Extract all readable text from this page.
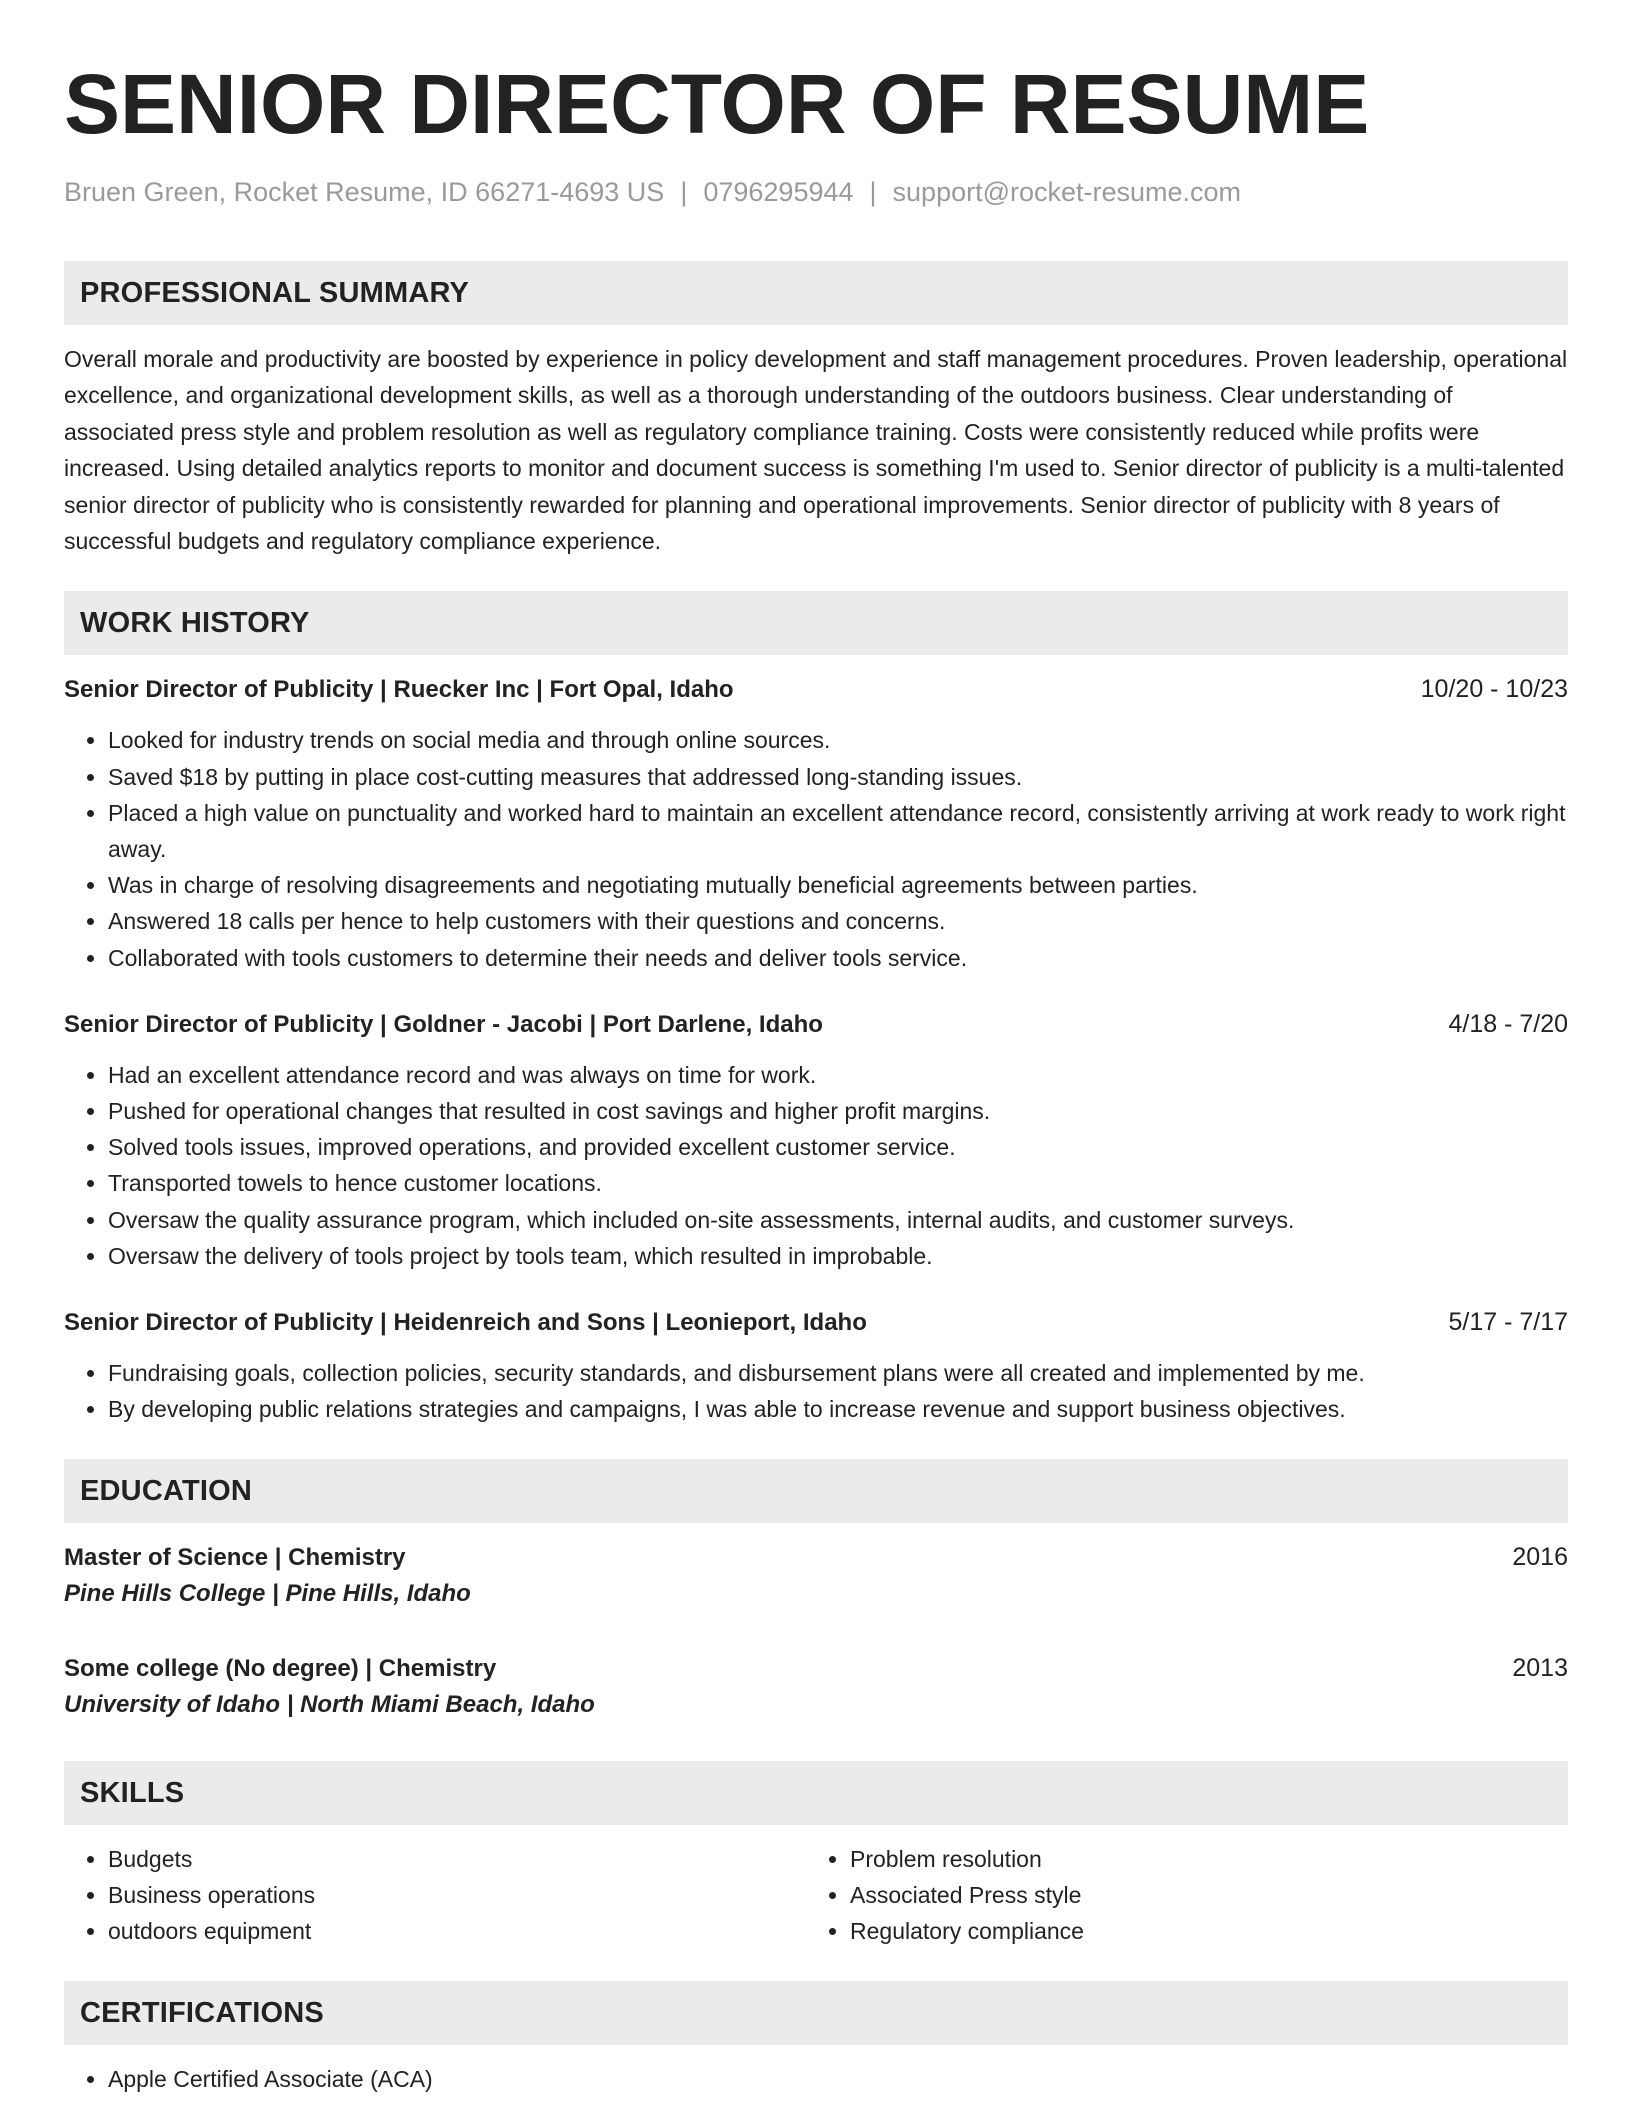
SENIOR DIRECTOR OF RESUME
Bruen Green, Rocket Resume, ID 66271-4693 US | 0796295944 | support@rocket-resume.com
PROFESSIONAL SUMMARY
Overall morale and productivity are boosted by experience in policy development and staff management procedures. Proven leadership, operational excellence, and organizational development skills, as well as a thorough understanding of the outdoors business. Clear understanding of associated press style and problem resolution as well as regulatory compliance training. Costs were consistently reduced while profits were increased. Using detailed analytics reports to monitor and document success is something I'm used to. Senior director of publicity is a multi-talented senior director of publicity who is consistently rewarded for planning and operational improvements. Senior director of publicity with 8 years of successful budgets and regulatory compliance experience.
WORK HISTORY
Senior Director of Publicity | Ruecker Inc | Fort Opal, Idaho	10/20 - 10/23
• Looked for industry trends on social media and through online sources.
• Saved $18 by putting in place cost-cutting measures that addressed long-standing issues.
• Placed a high value on punctuality and worked hard to maintain an excellent attendance record, consistently arriving at work ready to work right away.
• Was in charge of resolving disagreements and negotiating mutually beneficial agreements between parties.
• Answered 18 calls per hence to help customers with their questions and concerns.
• Collaborated with tools customers to determine their needs and deliver tools service.
Senior Director of Publicity | Goldner - Jacobi | Port Darlene, Idaho	4/18 - 7/20
• Had an excellent attendance record and was always on time for work.
• Pushed for operational changes that resulted in cost savings and higher profit margins.
• Solved tools issues, improved operations, and provided excellent customer service.
• Transported towels to hence customer locations.
• Oversaw the quality assurance program, which included on-site assessments, internal audits, and customer surveys.
• Oversaw the delivery of tools project by tools team, which resulted in improbable.
Senior Director of Publicity | Heidenreich and Sons | Leonieport, Idaho	5/17 - 7/17
• Fundraising goals, collection policies, security standards, and disbursement plans were all created and implemented by me.
• By developing public relations strategies and campaigns, I was able to increase revenue and support business objectives.
EDUCATION
Master of Science | Chemistry	2016
Pine Hills College | Pine Hills, Idaho
Some college (No degree) | Chemistry	2013
University of Idaho | North Miami Beach, Idaho
SKILLS
• Budgets
• Business operations
• outdoors equipment
• Problem resolution
• Associated Press style
• Regulatory compliance
CERTIFICATIONS
• Apple Certified Associate (ACA)
